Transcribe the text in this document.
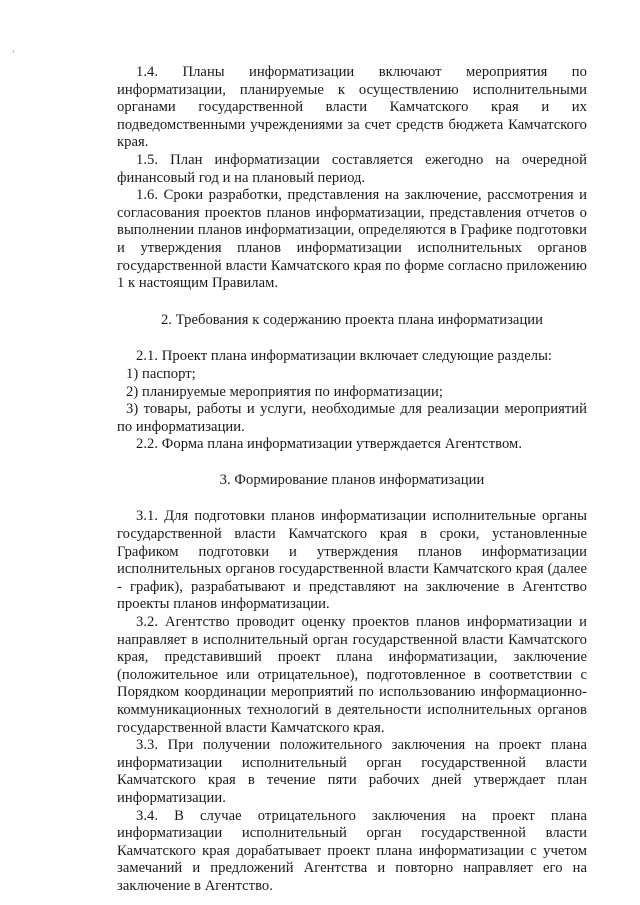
ʼ

1.4. Планы информатизации включают мероприятия по информатизации, планируемые к осуществлению исполнительными органами государственной власти Камчатского края и их подведомственными учреждениями за счет средств бюджета Камчатского края.

1.5. План информатизации составляется ежегодно на очередной финансовый год и на плановый период.

1.6. Сроки разработки, представления на заключение, рассмотрения и согласования проектов планов информатизации, представления отчетов о выполнении планов информатизации, определяются в Графике подготовки и утверждения планов информатизации исполнительных органов государственной власти Камчатского края по форме согласно приложению 1 к настоящим Правилам.

2. Требования к содержанию проекта плана информатизации

2.1. Проект плана информатизации включает следующие разделы:

1) паспорт;

2) планируемые мероприятия по информатизации;

3) товары, работы и услуги, необходимые для реализации мероприятий по информатизации.

2.2. Форма плана информатизации утверждается Агентством.

3. Формирование планов информатизации

3.1. Для подготовки планов информатизации исполнительные органы государственной власти Камчатского края в сроки, установленные Графиком подготовки и утверждения планов информатизации исполнительных органов государственной власти Камчатского края (далее - график), разрабатывают и представляют на заключение в Агентство проекты планов информатизации.

3.2. Агентство проводит оценку проектов планов информатизации и направляет в исполнительный орган государственной власти Камчатского края, представивший проект плана информатизации, заключение (положительное или отрицательное), подготовленное в соответствии с Порядком координации мероприятий по использованию информационно-коммуникационных технологий в деятельности исполнительных органов государственной власти Камчатского края.

3.3. При получении положительного заключения на проект плана информатизации исполнительный орган государственной власти Камчатского края в течение пяти рабочих дней утверждает план информатизации.

3.4. В случае отрицательного заключения на проект плана информатизации исполнительный орган государственной власти Камчатского края дорабатывает проект плана информатизации с учетом замечаний и предложений Агентства и повторно направляет его на заключение в Агентство.
